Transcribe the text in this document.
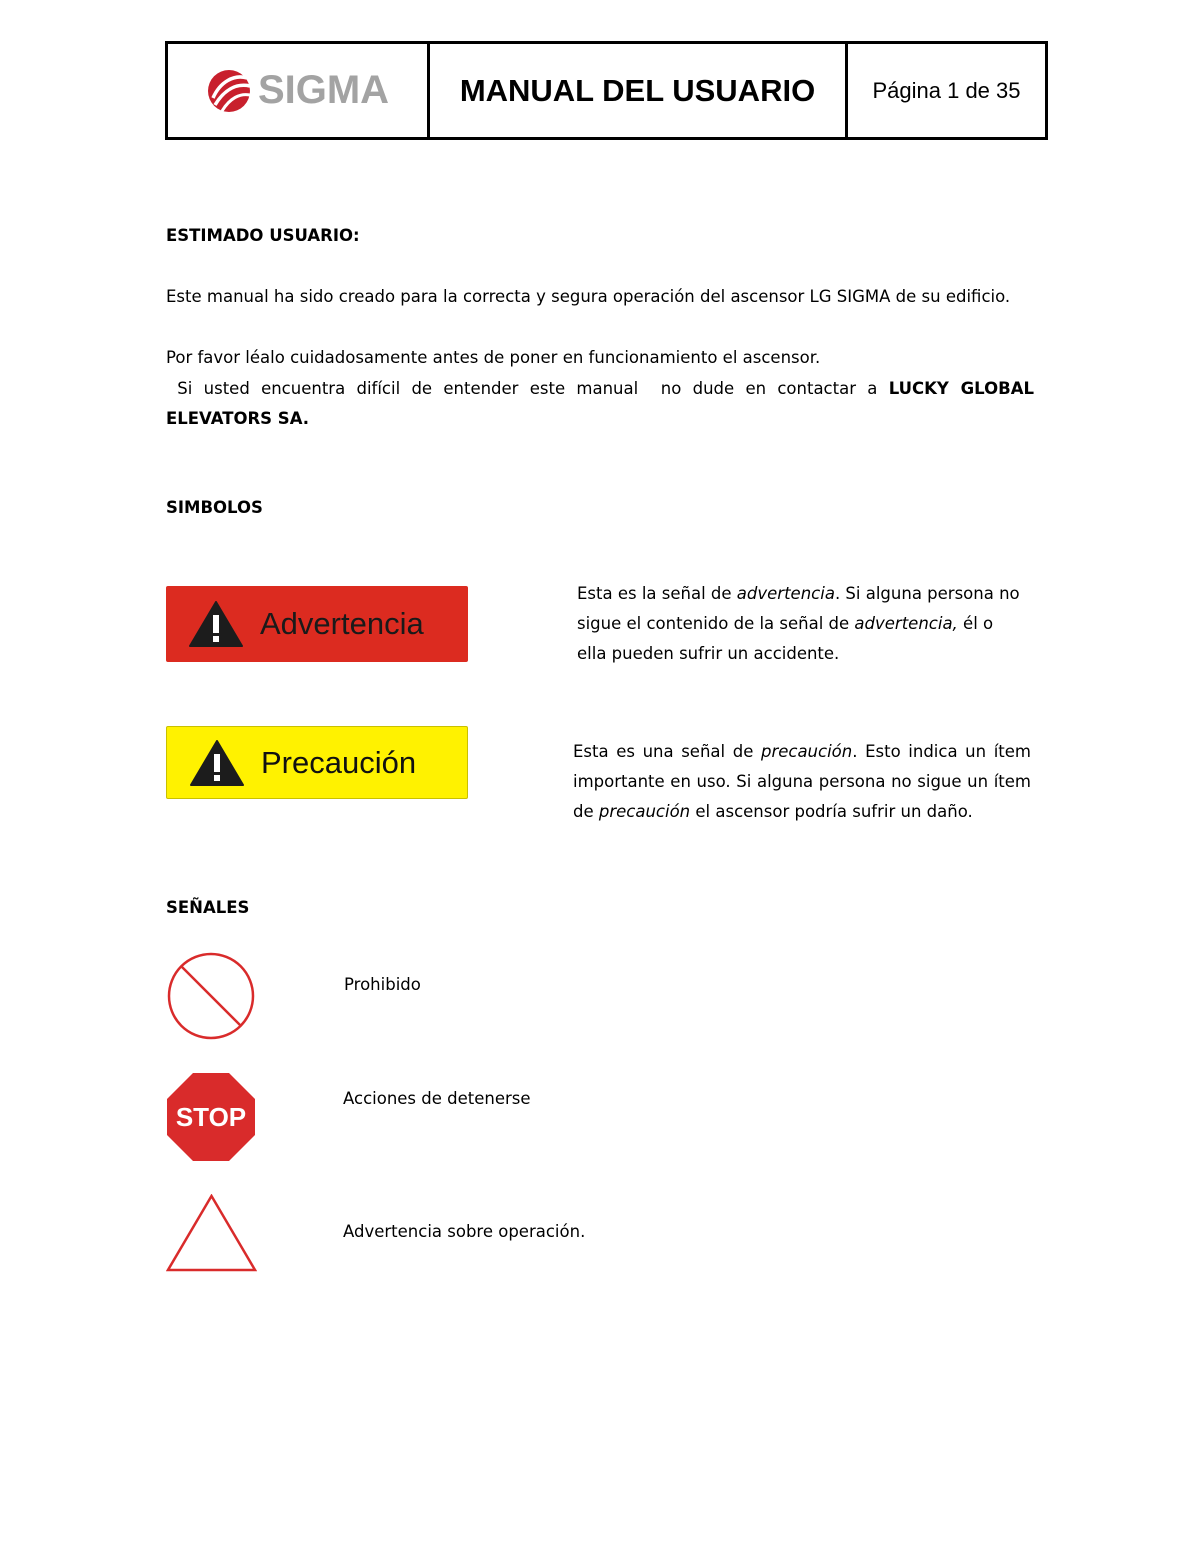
SIGMA MANUAL DEL USUARIO	Página 1 de 35
ESTIMADO USUARIO:
Este manual ha sido creado para la correcta y segura operación del ascensor LG SIGMA de su edificio.
Por favor léalo cuidadosamente antes de poner en funcionamiento el ascensor.
Si usted encuentra difícil de entender este manual  no dude en contactar a LUCKY GLOBAL ELEVATORS SA.
SIMBOLOS
Advertencia
Esta es la señal de advertencia. Si alguna persona no sigue el contenido de la señal de advertencia, él o ella pueden sufrir un accidente.
Precaución	Esta es una señal de precaución. Esto indica un ítem importante en uso. Si alguna persona no sigue un ítem de precaución el ascensor podría sufrir un daño.
SEÑALES
Prohibido
STOP
Acciones de detenerse
Advertencia sobre operación.
